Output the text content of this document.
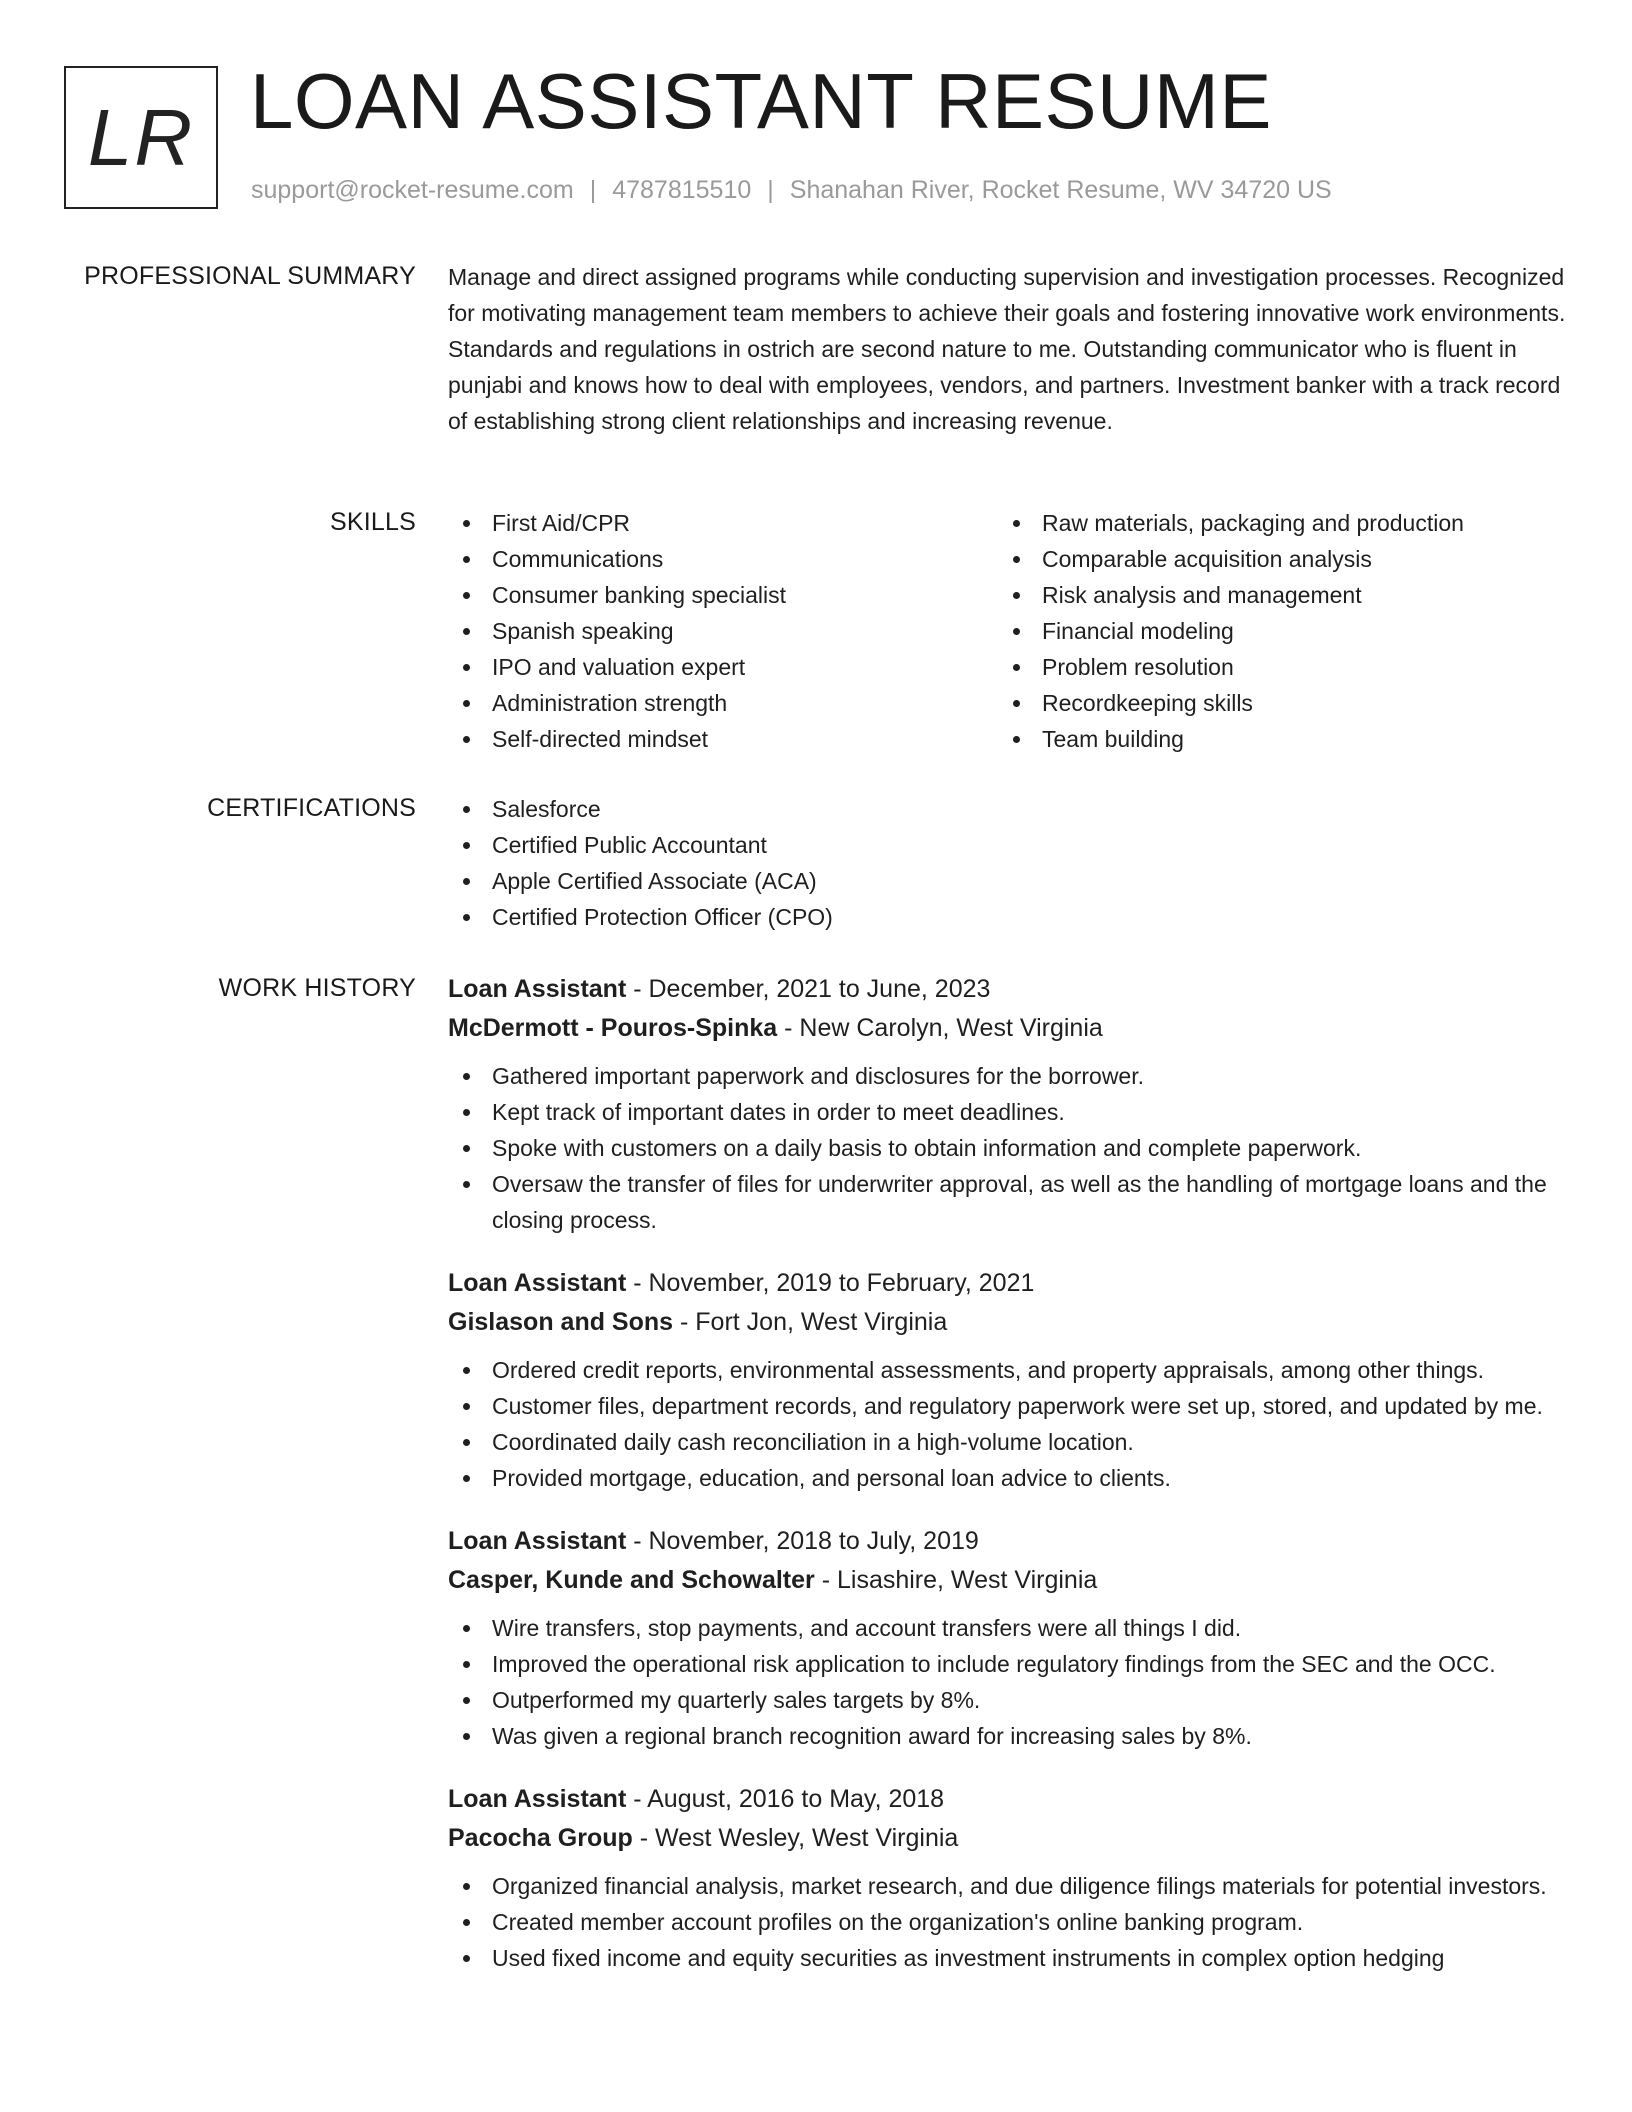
LR LOAN ASSISTANT RESUME
support@rocket-resume.com | 4787815510 | Shanahan River, Rocket Resume, WV 34720 US
PROFESSIONAL SUMMARY Manage and direct assigned programs while conducting supervision and investigation processes. Recognized for motivating management team members to achieve their goals and fostering innovative work environments. Standards and regulations in ostrich are second nature to me. Outstanding communicator who is fluent in punjabi and knows how to deal with employees, vendors, and partners. Investment banker with a track record of establishing strong client relationships and increasing revenue.
SKILLS	First Aid/CPR
Communications
Consumer banking specialist
Spanish speaking
IPO and valuation expert
Administration strength
Self-directed mindset
Raw materials, packaging and production
Comparable acquisition analysis
Risk analysis and management
Financial modeling
Problem resolution
Recordkeeping skills
Team building
CERTIFICATIONS	Salesforce
Certified Public Accountant
Apple Certified Associate (ACA)
Certified Protection Officer (CPO)
WORK HISTORY Loan Assistant - December, 2021 to June, 2023
McDermott - Pouros-Spinka - New Carolyn, West Virginia
Gathered important paperwork and disclosures for the borrower.
Kept track of important dates in order to meet deadlines.
Spoke with customers on a daily basis to obtain information and complete paperwork.
Oversaw the transfer of files for underwriter approval, as well as the handling of mortgage loans and the closing process.
Loan Assistant - November, 2019 to February, 2021
Gislason and Sons - Fort Jon, West Virginia
Ordered credit reports, environmental assessments, and property appraisals, among other things.
Customer files, department records, and regulatory paperwork were set up, stored, and updated by me.
Coordinated daily cash reconciliation in a high-volume location.
Provided mortgage, education, and personal loan advice to clients.
Loan Assistant - November, 2018 to July, 2019
Casper, Kunde and Schowalter - Lisashire, West Virginia
Wire transfers, stop payments, and account transfers were all things I did.
Improved the operational risk application to include regulatory findings from the SEC and the OCC.
Outperformed my quarterly sales targets by 8%.
Was given a regional branch recognition award for increasing sales by 8%.
Loan Assistant - August, 2016 to May, 2018
Pacocha Group - West Wesley, West Virginia
Organized financial analysis, market research, and due diligence filings materials for potential investors.
Created member account profiles on the organization's online banking program.
Used fixed income and equity securities as investment instruments in complex option hedging
